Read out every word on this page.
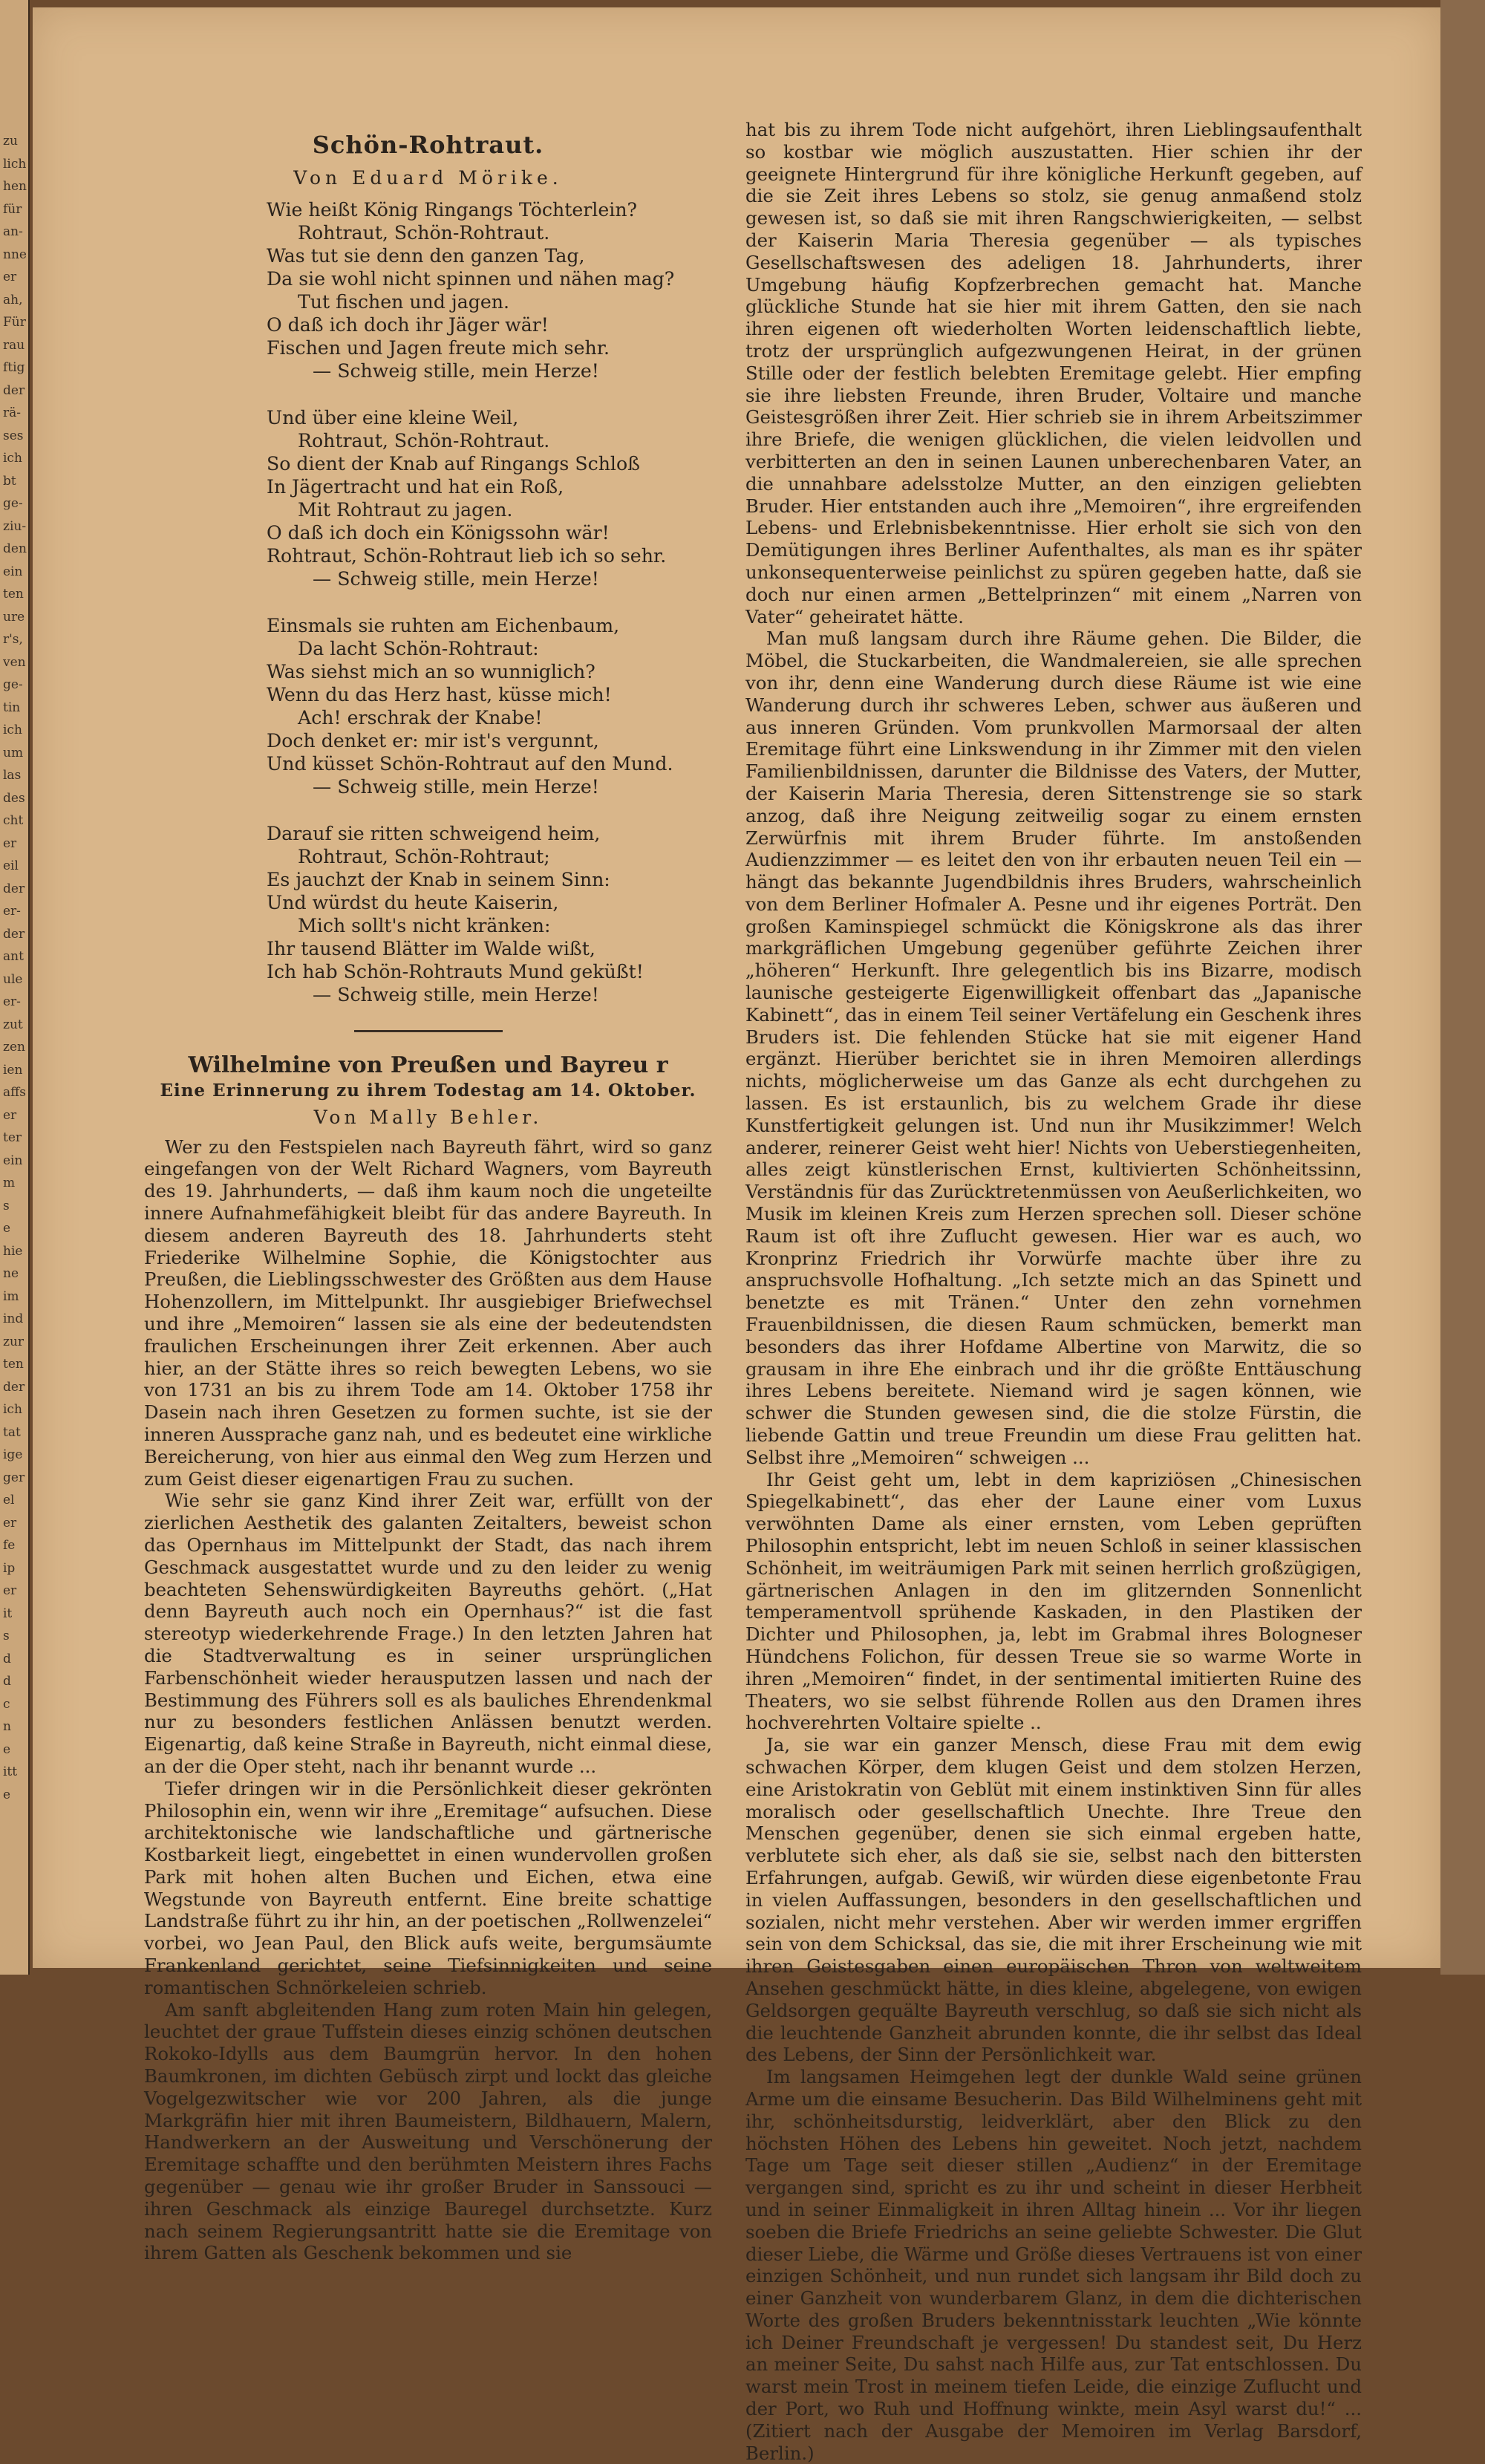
zu
lich
hen
für
an-
nne
er
ah,
Für
rau
ftig
der
rä-
ses
ich
bt
ge-
ziu-
den
ein
ten
ure
r's,
ven
ge-
tin
ich
um
las
des
cht
er
eil
der
er-
der
ant
ule
er-
zut
zen
ien
affs
er
ter
ein
m
s
e
hie
ne
im
ind
zur
ten
der
ich
tat
ige
ger
el
er
fe
ip
er
it
s
d
d
c
n
e
itt
e
Schön-Rohtraut.
Von Eduard Mörike.
Wie heißt König Ringangs Töchterlein?
Rohtraut, Schön-Rohtraut.
Was tut sie denn den ganzen Tag,
Da sie wohl nicht spinnen und nähen mag?
Tut fischen und jagen.
O daß ich doch ihr Jäger wär!
Fischen und Jagen freute mich sehr.
— Schweig stille, mein Herze!
Und über eine kleine Weil,
Rohtraut, Schön-Rohtraut.
So dient der Knab auf Ringangs Schloß
In Jägertracht und hat ein Roß,
Mit Rohtraut zu jagen.
O daß ich doch ein Königssohn wär!
Rohtraut, Schön-Rohtraut lieb ich so sehr.
— Schweig stille, mein Herze!
Einsmals sie ruhten am Eichenbaum,
Da lacht Schön-Rohtraut:
Was siehst mich an so wunniglich?
Wenn du das Herz hast, küsse mich!
Ach! erschrak der Knabe!
Doch denket er: mir ist's vergunnt,
Und küsset Schön-Rohtraut auf den Mund.
— Schweig stille, mein Herze!
Darauf sie ritten schweigend heim,
Rohtraut, Schön-Rohtraut;
Es jauchzt der Knab in seinem Sinn:
Und würdst du heute Kaiserin,
Mich sollt's nicht kränken:
Ihr tausend Blätter im Walde wißt,
Ich hab Schön-Rohtrauts Mund geküßt!
— Schweig stille, mein Herze!
Wilhelmine von Preußen und Bayreu r
Eine Erinnerung zu ihrem Todestag am 14. Oktober.
Von Mally Behler.

Wer zu den Festspielen nach Bayreuth fährt, wird so ganz eingefangen von der Welt Richard Wagners, vom Bayreuth des 19. Jahrhunderts, — daß ihm kaum noch die ungeteilte innere Aufnahmefähigkeit bleibt für das andere Bayreuth. In diesem anderen Bayreuth des 18. Jahrhunderts steht Friederike Wilhelmine Sophie, die Königstochter aus Preußen, die Lieblingsschwester des Größten aus dem Hause Hohenzollern, im Mittelpunkt. Ihr ausgiebiger Briefwechsel und ihre „Memoiren“ lassen sie als eine der bedeutendsten fraulichen Erscheinungen ihrer Zeit erkennen. Aber auch hier, an der Stätte ihres so reich bewegten Lebens, wo sie von 1731 an bis zu ihrem Tode am 14. Oktober 1758 ihr Dasein nach ihren Gesetzen zu formen suchte, ist sie der inneren Aussprache ganz nah, und es bedeutet eine wirkliche Bereicherung, von hier aus einmal den Weg zum Herzen und zum Geist dieser eigenartigen Frau zu suchen.

Wie sehr sie ganz Kind ihrer Zeit war, erfüllt von der zierlichen Aesthetik des galanten Zeitalters, beweist schon das Opernhaus im Mittelpunkt der Stadt, das nach ihrem Geschmack ausgestattet wurde und zu den leider zu wenig beachteten Sehenswürdigkeiten Bayreuths gehört. („Hat denn Bayreuth auch noch ein Opernhaus?“ ist die fast stereotyp wiederkehrende Frage.) In den letzten Jahren hat die Stadtverwaltung es in seiner ursprünglichen Farbenschönheit wieder herausputzen lassen und nach der Bestimmung des Führers soll es als bauliches Ehrendenkmal nur zu besonders festlichen Anlässen benutzt werden. Eigenartig, daß keine Straße in Bayreuth, nicht einmal diese, an der die Oper steht, nach ihr benannt wurde ...

Tiefer dringen wir in die Persönlichkeit dieser gekrönten Philosophin ein, wenn wir ihre „Eremitage“ aufsuchen. Diese architektonische wie landschaftliche und gärtnerische Kostbarkeit liegt, eingebettet in einen wundervollen großen Park mit hohen alten Buchen und Eichen, etwa eine Wegstunde von Bayreuth entfernt. Eine breite schattige Landstraße führt zu ihr hin, an der poetischen „Rollwenzelei“ vorbei, wo Jean Paul, den Blick aufs weite, bergumsäumte Frankenland gerichtet, seine Tiefsinnigkeiten und seine romantischen Schnörkeleien schrieb.

Am sanft abgleitenden Hang zum roten Main hin gelegen, leuchtet der graue Tuffstein dieses einzig schönen deutschen Rokoko-Idylls aus dem Baumgrün hervor. In den hohen Baumkronen, im dichten Gebüsch zirpt und lockt das gleiche Vogelgezwitscher wie vor 200 Jahren, als die junge Markgräfin hier mit ihren Baumeistern, Bildhauern, Malern, Handwerkern an der Ausweitung und Verschönerung der Eremitage schaffte und den berühmten Meistern ihres Fachs gegenüber — genau wie ihr großer Bruder in Sanssouci — ihren Geschmack als einzige Bauregel durchsetzte. Kurz nach seinem Regierungsantritt hatte sie die Eremitage von ihrem Gatten als Geschenk bekommen und sie

hat bis zu ihrem Tode nicht aufgehört, ihren Lieblingsaufenthalt so kostbar wie möglich auszustatten. Hier schien ihr der geeignete Hintergrund für ihre königliche Herkunft gegeben, auf die sie Zeit ihres Lebens so stolz, sie genug anmaßend stolz gewesen ist, so daß sie mit ihren Rangschwierigkeiten, — selbst der Kaiserin Maria Theresia gegenüber — als typisches Gesellschaftswesen des adeligen 18. Jahrhunderts, ihrer Umgebung häufig Kopfzerbrechen gemacht hat. Manche glückliche Stunde hat sie hier mit ihrem Gatten, den sie nach ihren eigenen oft wiederholten Worten leidenschaftlich liebte, trotz der ursprünglich aufgezwungenen Heirat, in der grünen Stille oder der festlich belebten Eremitage gelebt. Hier empfing sie ihre liebsten Freunde, ihren Bruder, Voltaire und manche Geistesgrößen ihrer Zeit. Hier schrieb sie in ihrem Arbeitszimmer ihre Briefe, die wenigen glücklichen, die vielen leidvollen und verbitterten an den in seinen Launen unberechenbaren Vater, an die unnahbare adelsstolze Mutter, an den einzigen geliebten Bruder. Hier entstanden auch ihre „Memoiren“, ihre ergreifenden Lebens- und Erlebnisbekenntnisse. Hier erholt sie sich von den Demütigungen ihres Berliner Aufenthaltes, als man es ihr später unkonsequenterweise peinlichst zu spüren gegeben hatte, daß sie doch nur einen armen „Bettelprinzen“ mit einem „Narren von Vater“ geheiratet hätte.

Man muß langsam durch ihre Räume gehen. Die Bilder, die Möbel, die Stuckarbeiten, die Wandmalereien, sie alle sprechen von ihr, denn eine Wanderung durch diese Räume ist wie eine Wanderung durch ihr schweres Leben, schwer aus äußeren und aus inneren Gründen. Vom prunkvollen Marmorsaal der alten Eremitage führt eine Linkswendung in ihr Zimmer mit den vielen Familienbildnissen, darunter die Bildnisse des Vaters, der Mutter, der Kaiserin Maria Theresia, deren Sittenstrenge sie so stark anzog, daß ihre Neigung zeitweilig sogar zu einem ernsten Zerwürfnis mit ihrem Bruder führte. Im anstoßenden Audienzzimmer — es leitet den von ihr erbauten neuen Teil ein — hängt das bekannte Jugendbildnis ihres Bruders, wahrscheinlich von dem Berliner Hofmaler A. Pesne und ihr eigenes Porträt. Den großen Kaminspiegel schmückt die Königskrone als das ihrer markgräflichen Umgebung gegenüber geführte Zeichen ihrer „höheren“ Herkunft. Ihre gelegentlich bis ins Bizarre, modisch launische gesteigerte Eigenwilligkeit offenbart das „Japanische Kabinett“, das in einem Teil seiner Vertäfelung ein Geschenk ihres Bruders ist. Die fehlenden Stücke hat sie mit eigener Hand ergänzt. Hierüber berichtet sie in ihren Memoiren allerdings nichts, möglicherweise um das Ganze als echt durchgehen zu lassen. Es ist erstaunlich, bis zu welchem Grade ihr diese Kunstfertigkeit gelungen ist. Und nun ihr Musikzimmer! Welch anderer, reinerer Geist weht hier! Nichts von Ueberstiegenheiten, alles zeigt künstlerischen Ernst, kultivierten Schönheitssinn, Verständnis für das Zurücktretenmüssen von Aeußerlichkeiten, wo Musik im kleinen Kreis zum Herzen sprechen soll. Dieser schöne Raum ist oft ihre Zuflucht gewesen. Hier war es auch, wo Kronprinz Friedrich ihr Vorwürfe machte über ihre zu anspruchsvolle Hofhaltung. „Ich setzte mich an das Spinett und benetzte es mit Tränen.“ Unter den zehn vornehmen Frauenbildnissen, die diesen Raum schmücken, bemerkt man besonders das ihrer Hofdame Albertine von Marwitz, die so grausam in ihre Ehe einbrach und ihr die größte Enttäuschung ihres Lebens bereitete. Niemand wird je sagen können, wie schwer die Stunden gewesen sind, die die stolze Fürstin, die liebende Gattin und treue Freundin um diese Frau gelitten hat. Selbst ihre „Memoiren“ schweigen ...

Ihr Geist geht um, lebt in dem kapriziösen „Chinesischen Spiegelkabinett“, das eher der Laune einer vom Luxus verwöhnten Dame als einer ernsten, vom Leben geprüften Philosophin entspricht, lebt im neuen Schloß in seiner klassischen Schönheit, im weiträumigen Park mit seinen herrlich großzügigen, gärtnerischen Anlagen in den im glitzernden Sonnenlicht temperamentvoll sprühende Kaskaden, in den Plastiken der Dichter und Philosophen, ja, lebt im Grabmal ihres Bologneser Hündchens Folichon, für dessen Treue sie so warme Worte in ihren „Memoiren“ findet, in der sentimental imitierten Ruine des Theaters, wo sie selbst führende Rollen aus den Dramen ihres hochverehrten Voltaire spielte ..

Ja, sie war ein ganzer Mensch, diese Frau mit dem ewig schwachen Körper, dem klugen Geist und dem stolzen Herzen, eine Aristokratin von Geblüt mit einem instinktiven Sinn für alles moralisch oder gesellschaftlich Unechte. Ihre Treue den Menschen gegenüber, denen sie sich einmal ergeben hatte, verblutete sich eher, als daß sie sie, selbst nach den bittersten Erfahrungen, aufgab. Gewiß, wir würden diese eigenbetonte Frau in vielen Auffassungen, besonders in den gesellschaftlichen und sozialen, nicht mehr verstehen. Aber wir werden immer ergriffen sein von dem Schicksal, das sie, die mit ihrer Erscheinung wie mit ihren Geistesgaben einen europäischen Thron von weltweitem Ansehen geschmückt hätte, in dies kleine, abgelegene, von ewigen Geldsorgen gequälte Bayreuth verschlug, so daß sie sich nicht als die leuchtende Ganzheit abrunden konnte, die ihr selbst das Ideal des Lebens, der Sinn der Persönlichkeit war.

Im langsamen Heimgehen legt der dunkle Wald seine grünen Arme um die einsame Besucherin. Das Bild Wilhelminens geht mit ihr, schönheitsdurstig, leidverklärt, aber den Blick zu den höchsten Höhen des Lebens hin geweitet. Noch jetzt, nachdem Tage um Tage seit dieser stillen „Audienz“ in der Eremitage vergangen sind, spricht es zu ihr und scheint in dieser Herbheit und in seiner Einmaligkeit in ihren Alltag hinein ... Vor ihr liegen soeben die Briefe Friedrichs an seine geliebte Schwester. Die Glut dieser Liebe, die Wärme und Größe dieses Vertrauens ist von einer einzigen Schönheit, und nun rundet sich langsam ihr Bild doch zu einer Ganzheit von wunderbarem Glanz, in dem die dichterischen Worte des großen Bruders bekenntnisstark leuchten „Wie könnte ich Deiner Freundschaft je vergessen! Du standest seit, Du Herz an meiner Seite, Du sahst nach Hilfe aus, zur Tat entschlossen. Du warst mein Trost in meinem tiefen Leide, die einzige Zuflucht und der Port, wo Ruh und Hoffnung winkte, mein Asyl warst du!“ ... (Zitiert nach der Ausgabe der Memoiren im Verlag Barsdorf, Berlin.)
